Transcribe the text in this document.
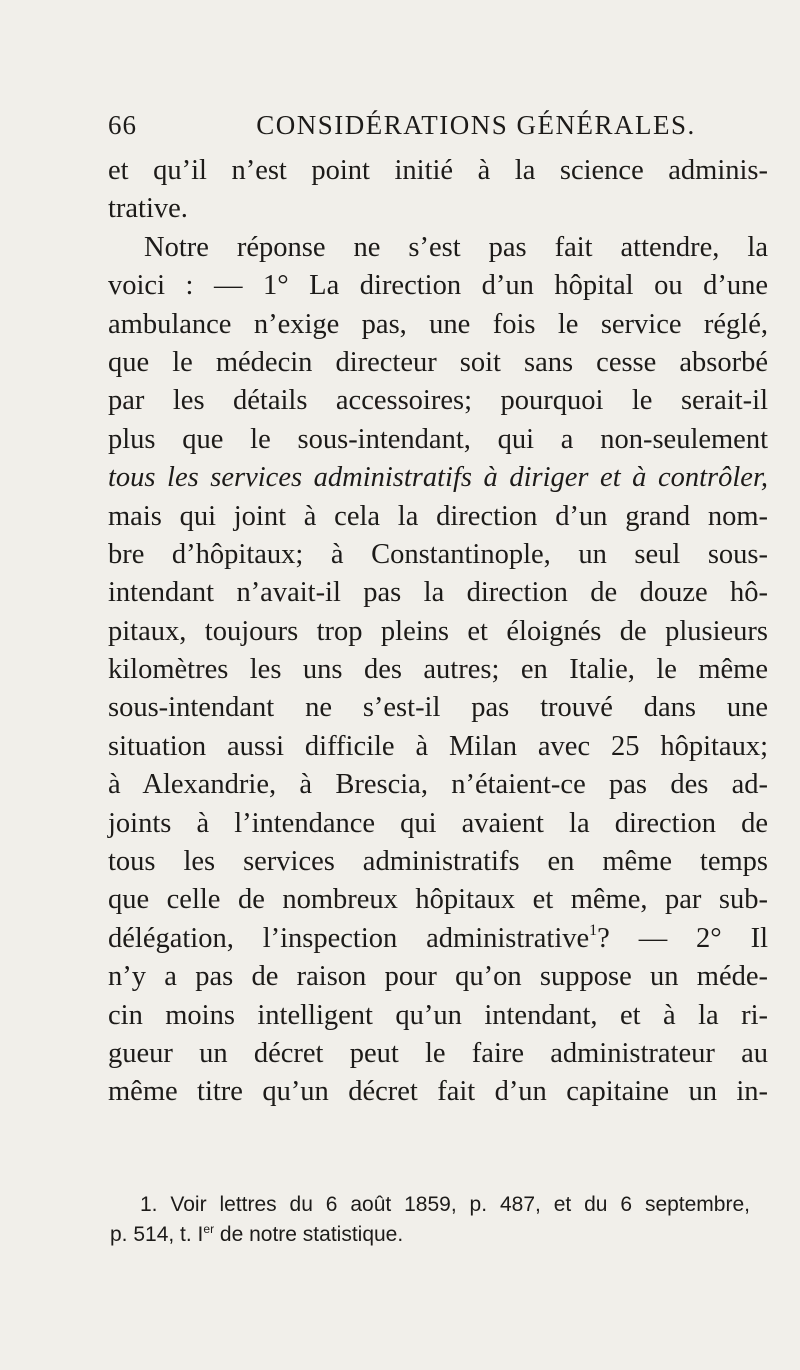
66	CONSIDÉRATIONS GÉNÉRALES.
et qu’il n’est point initié à la science adminis-
trative.
Notre réponse ne s’est pas fait attendre, la
voici : — 1° La direction d’un hôpital ou d’une
ambulance n’exige pas, une fois le service réglé,
que le médecin directeur soit sans cesse absorbé
par les détails accessoires; pourquoi le serait-il
plus que le sous-intendant, qui a non-seulement
tous les services administratifs à diriger et à contrôler,
mais qui joint à cela la direction d’un grand nom-
bre d’hôpitaux; à Constantinople, un seul sous-
intendant n’avait-il pas la direction de douze hô-
pitaux, toujours trop pleins et éloignés de plusieurs
kilomètres les uns des autres; en Italie, le même
sous-intendant ne s’est-il pas trouvé dans une
situation aussi difficile à Milan avec 25 hôpitaux;
à Alexandrie, à Brescia, n’étaient-ce pas des ad-
joints à l’intendance qui avaient la direction de
tous les services administratifs en même temps
que celle de nombreux hôpitaux et même, par sub-
délégation, l’inspection administrative$^1$? — 2° Il
n’y a pas de raison pour qu’on suppose un méde-
cin moins intelligent qu’un intendant, et à la ri-
gueur un décret peut le faire administrateur au
même titre qu’un décret fait d’un capitaine un in-
1. Voir lettres du 6 août 1859, p. 487, et du 6 septembre,
p. 514, t. Ier de notre statistique.
